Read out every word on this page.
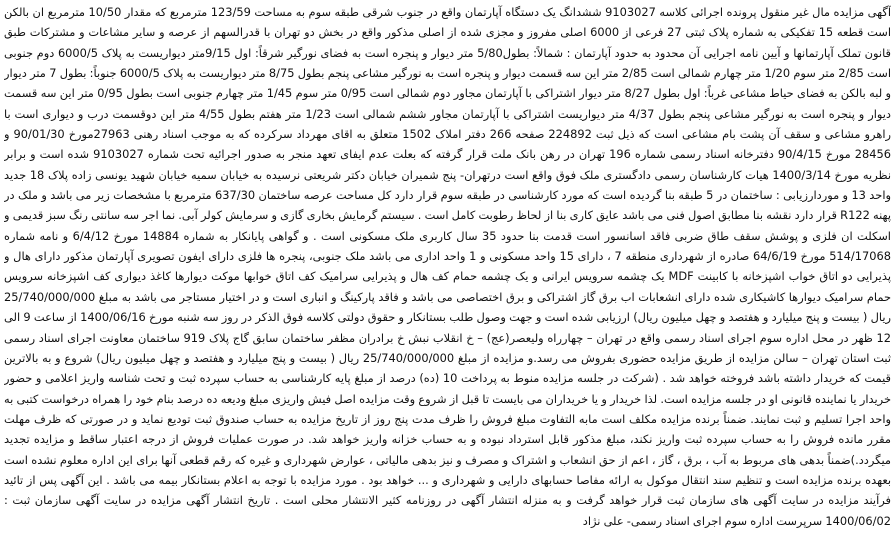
آگهی مزایده مال غیر منقول پرونده اجرائی کلاسه 9103027 ششدانگ یک دستگاه آپارتمان واقع در جنوب شرقی طبقه سوم به مساحت 123/59 مترمربع که مقدار 10/50 مترمربع ان بالکن است قطعه 15 تفکیکی به شماره پلاک ثبتی 27 فرعی از 6000 اصلی مفروز و مجزی شده از اصلی مذکور واقع در بخش دو تهران با قدرالسهم از عرصه و سایر مشاعات و مشترکات طبق قانون تملک آپارتمانها و آیین نامه اجرایی آن محدود به حدود آپارتمان : شمالاً: بطول5/80 متر دیوار و پنجره است به فضای نورگیر شرقاً: اول 9/15متر دیواریست به پلاک 6000/5 دوم جنوبی است 2/85 متر سوم 1/20 متر چهارم شمالی است 2/85 متر این سه قسمت دیوار و پنجره است به نورگیر مشاعی پنجم بطول 8/75 متر دیواریست به پلاک 6000/5 جنوباً: بطول 7 متر دیوار و لبه بالکن به فضای حیاط مشاعی غرباً: اول بطول 8/27 متر دیوار اشتراکی با آپارتمان مجاور دوم شمالی است 0/95 متر سوم 1/45 متر چهارم جنوبی است بطول 0/95 متر این سه قسمت دیوار و پنجره است به نورگیر مشاعی پنجم بطول 4/37 متر دیواریست اشتراکی با آپارتمان مجاور ششم شمالی است 1/23 متر هفتم بطول 4/55 متر این دوقسمت درب و دیواری است با راهرو مشاعی و سقف آن پشت بام مشاعی است که ذیل ثبت 224892 صفحه 266 دفتر املاک 1502 متعلق به اقای مهرداد سرکرده که به موجب اسناد رهنی 27963مورخ 90/01/30 و 28456 مورخ 90/4/15 دفترخانه اسناد رسمی شماره 196 تهران در رهن بانک ملت قرار گرفته که بعلت عدم ایفای تعهد منجر به صدور اجرائیه تحت شماره 9103027 شده است و برابر نظریه مورخ 1400/3/14 هیات کارشناسان رسمی دادگستری ملک فوق واقع است درتهران- پنج شمیران خیابان دکتر شریعتی نرسیده به خیابان سمیه خیابان شهید یونسی زاده پلاک 18 جدید واحد 13 و موردارزیابی : ساختمان در 5 طبقه بنا گردیده است که مورد کارشناسی در طبقه سوم قرار دارد کل مساحت عرصه ساختمان 637/30 مترمربع با مشخصات زیر می باشد و ملک در پهنه R122 قرار دارد نقشه بنا مطابق اصول فنی می باشد عایق کاری بنا از لحاظ رطوبت کامل است . سیستم گرمایش بخاری گازی و سرمایش کولر آبی. نما اجر سه سانتی رنگ سبز قدیمی و اسکلت ان فلزی و پوشش سقف طاق ضربی فاقد اسانسور است قدمت بنا حدود 35 سال کاربری ملک مسکونی است . و گواهی پایانکار به شماره 14884 مورخ 6/4/12 و نامه شماره 514/17068 مورخ 64/6/19 صادره از شهرداری منطقه 7 ، دارای 15 واحد مسکونی و 1 واحد اداری می باشد ملک جنوبی، پنجره ها فلزی دارای ایفون تصویری آپارتمان مذکور دارای هال و پذیرایی دو اتاق خواب اشپزخانه با کابینت MDF یک چشمه سرویس ایرانی و یک چشمه حمام کف هال و پذیرایی سرامیک کف اتاق خوابها موکت دیوارها کاغذ دیواری کف اشپزخانه سرویس حمام سرامیک دیوارها کاشیکاری شده دارای انشعابات اب برق گاز اشتراکی و برق اختصاصی می باشد و فاقد پارکینگ و انباری است و در اختیار مستاجر می باشد به مبلغ 25/740/000/000 ریال ( بیست و پنج میلیارد و هفتصد و چهل میلیون ریال) ارزیابی شده است و جهت وصول طلب بستانکار و حقوق دولتی کلاسه فوق الذکر در روز سه شنبه مورخ 1400/06/16 از ساعت 9 الی 12 ظهر در محل اداره سوم اجرای اسناد رسمی واقع در تهران – چهارراه ولیعصر(عج) – خ انقلاب نبش خ برادران مظفر ساختمان سابق گاج پلاک 919 ساختمان معاونت اجرای اسناد رسمی ثبت استان تهران – سالن مزایده از طریق مزایده حضوری بفروش می رسد.و مزایده از مبلغ 25/740/000/000 ریال ( بیست و پنج میلیارد و هفتصد و چهل میلیون ریال) شروع و به بالاترین قیمت که خریدار داشته باشد فروخته خواهد شد . (شرکت در جلسه مزایده منوط به پرداخت 10 (ده) درصد از مبلغ پایه کارشناسی به حساب سپرده ثبت و تحت شناسه واریز اعلامی و حضور خریدار یا نماینده قانونی او در جلسه مزایده است. لذا خریدار و یا خریداران می بایست تا قبل از شروع وقت مزایده اصل فیش واریزی مبلغ ودیعه ده درصد بنام خود را همراه درخواست کتبی به واحد اجرا تسلیم و ثبت نمایند. ضمناً برنده مزایده مکلف است مابه التفاوت مبلغ فروش را ظرف مدت پنج روز از تاریخ مزایده به حساب صندوق ثبت تودیع نماید و در صورتی که ظرف مهلت مقرر مانده فروش را به حساب سپرده ثبت واریز نکند، مبلغ مذکور قابل استرداد نبوده و به حساب خزانه واریز خواهد شد. در صورت عملیات فروش از درجه اعتبار ساقط و مزایده تجدید میگردد.)ضمناً بدهی های مربوط به آب ، برق ، گاز ، اعم از حق انشعاب و اشتراک و مصرف و نیز بدهی مالیاتی ، عوارض شهرداری و غیره که رقم قطعی آنها برای این اداره معلوم نشده است بعهده برنده مزایده است و تنظیم سند انتقال موکول به ارائه مفاصا حسابهای دارایی و شهرداری و ... خواهد بود . مورد مزایده با توجه به اعلام بستانکار بیمه می باشد . این آگهی پس از تائید فرآیند مزایده در سایت آگهی های سازمان ثبت قرار خواهد گرفت و به منزله انتشار آگهی در روزنامه کثیر الانتشار محلی است . تاریخ انتشار آگهی مزایده در سایت آگهی سازمان ثبت : 1400/06/02 سرپرست اداره سوم اجرای اسناد رسمی- علی نژاد
